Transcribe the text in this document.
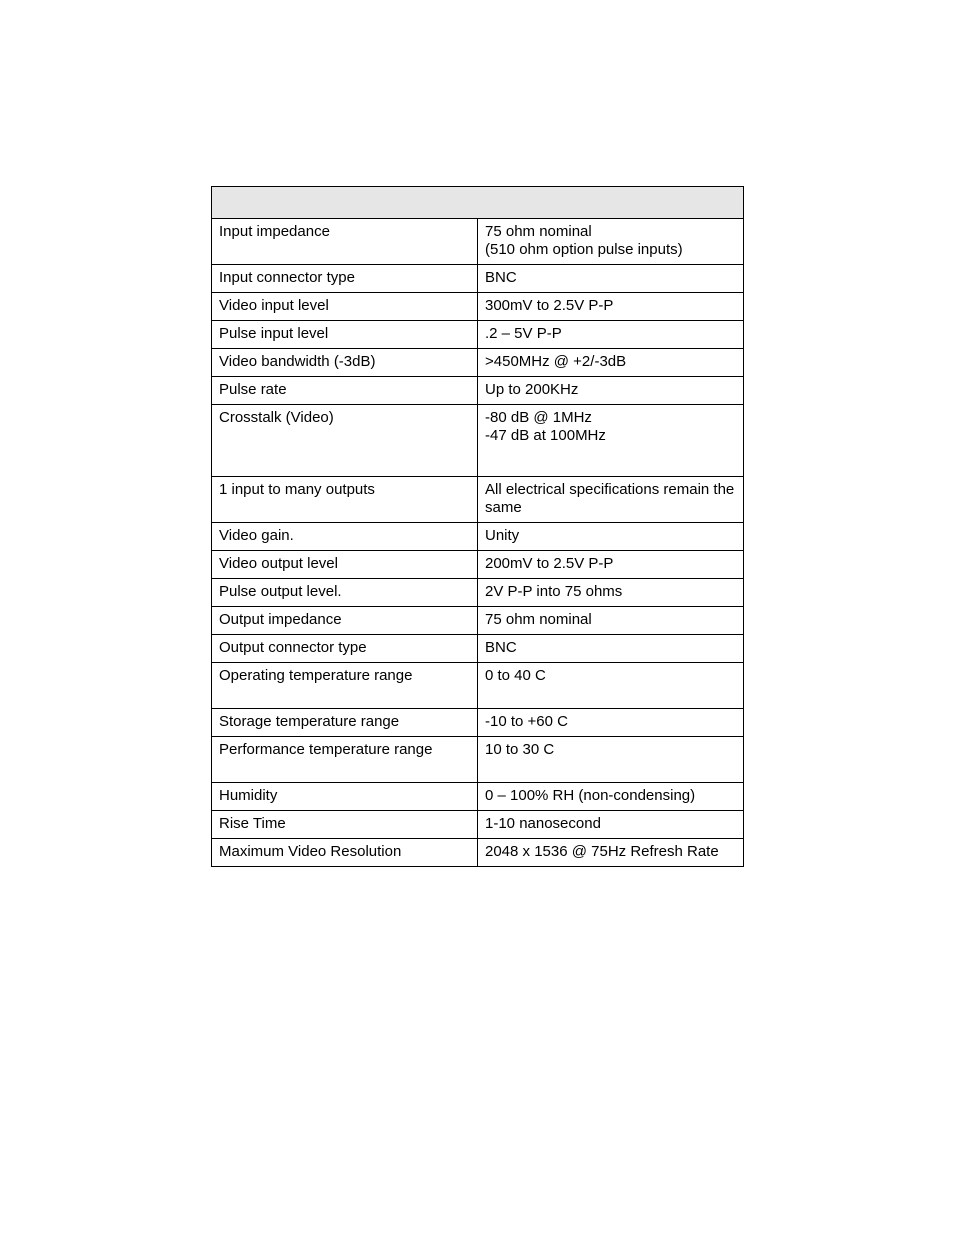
Input impedance	75 ohm nominal
(510 ohm option pulse inputs)
Input connector type	BNC
Video input level	300mV to 2.5V P-P
Pulse input level	.2 – 5V P-P
Video bandwidth (-3dB)	>450MHz @ +2/-3dB
Pulse rate	Up to 200KHz
Crosstalk (Video)	-80 dB @ 1MHz
-47 dB at 100MHz
1 input to many outputs	All electrical specifications remain the same
Video gain.	Unity
Video output level	200mV to 2.5V P-P
Pulse output level.	2V P-P into 75 ohms
Output impedance	75 ohm nominal
Output connector type	BNC
Operating temperature range	0 to 40 C
Storage temperature range	-10 to +60 C
Performance temperature range	10 to 30 C
Humidity	0 – 100% RH (non-condensing)
Rise Time	1-10 nanosecond
Maximum Video Resolution	2048 x 1536 @ 75Hz Refresh Rate
